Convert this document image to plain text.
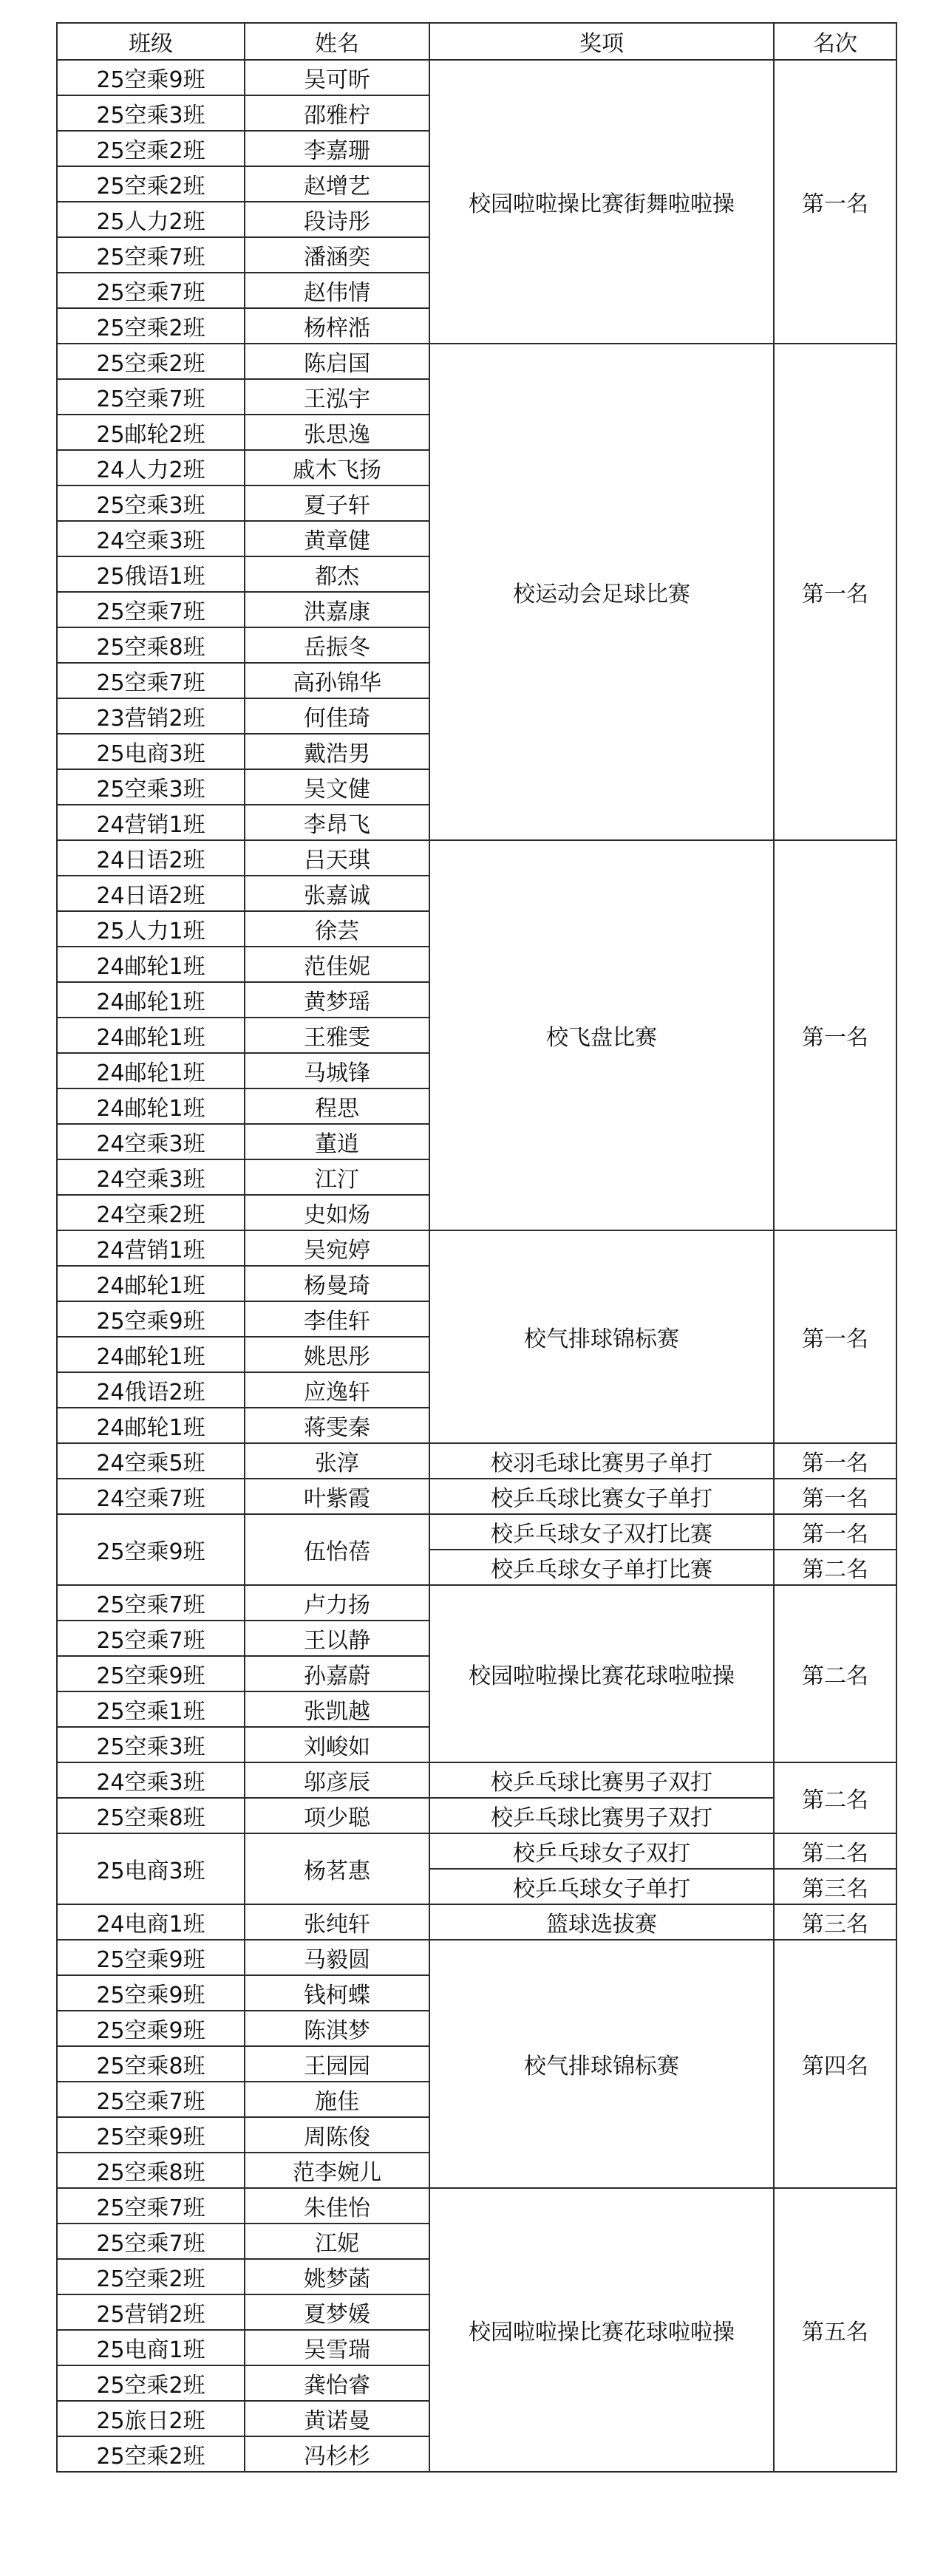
班级	姓名	奖项	名次
25空乘9班	吴可昕	校园啦啦操比赛街舞啦啦操	第一名
25空乘3班	邵雅柠		
25空乘2班	李嘉珊		
25空乘2班	赵增艺		
25人力2班	段诗彤		
25空乘7班	潘涵奕		
25空乘7班	赵伟情		
25空乘2班	杨梓湉		
25空乘2班	陈启国	校运动会足球比赛	第一名
25空乘7班	王泓宇		
25邮轮2班	张思逸		
24人力2班	戚木飞扬		
25空乘3班	夏子轩		
24空乘3班	黄章健		
25俄语1班	都杰		
25空乘7班	洪嘉康		
25空乘8班	岳振冬		
25空乘7班	高孙锦华		
23营销2班	何佳琦		
25电商3班	戴浩男		
25空乘3班	吴文健		
24营销1班	李昂飞		
24日语2班	吕天琪	校飞盘比赛	第一名
24日语2班	张嘉诚		
25人力1班	徐芸		
24邮轮1班	范佳妮		
24邮轮1班	黄梦瑶		
24邮轮1班	王雅雯		
24邮轮1班	马城锋		
24邮轮1班	程思		
24空乘3班	董逍		
24空乘3班	江汀		
24空乘2班	史如炀		
24营销1班	吴宛婷	校气排球锦标赛	第一名
24邮轮1班	杨曼琦		
25空乘9班	李佳轩		
24邮轮1班	姚思彤		
24俄语2班	应逸轩		
24邮轮1班	蒋雯秦		
24空乘5班	张淳	校羽毛球比赛男子单打	第一名
24空乘7班	叶紫霞	校乒乓球比赛女子单打	第一名
25空乘9班	伍怡蓓	校乒乓球女子双打比赛	第一名
		校乒乓球女子单打比赛	第二名
25空乘7班	卢力扬	校园啦啦操比赛花球啦啦操	第二名
25空乘7班	王以静		
25空乘9班	孙嘉蔚		
25空乘1班	张凯越		
25空乘3班	刘峻如		
24空乘3班	邬彦辰	校乒乓球比赛男子双打	第二名
25空乘8班	项少聪	校乒乓球比赛男子双打	
25电商3班	杨茗惠	校乒乓球女子双打	第二名
		校乒乓球女子单打	第三名
24电商1班	张纯轩	篮球选拔赛	第三名
25空乘9班	马毅圆	校气排球锦标赛	第四名
25空乘9班	钱柯蝶		
25空乘9班	陈淇梦		
25空乘8班	王园园		
25空乘7班	施佳		
25空乘9班	周陈俊		
25空乘8班	范李婉儿		
25空乘7班	朱佳怡	校园啦啦操比赛花球啦啦操	第五名
25空乘7班	江妮		
25空乘2班	姚梦菡		
25营销2班	夏梦媛		
25电商1班	吴雪瑞		
25空乘2班	龚怡睿		
25旅日2班	黄诺曼		
25空乘2班	冯杉杉		
